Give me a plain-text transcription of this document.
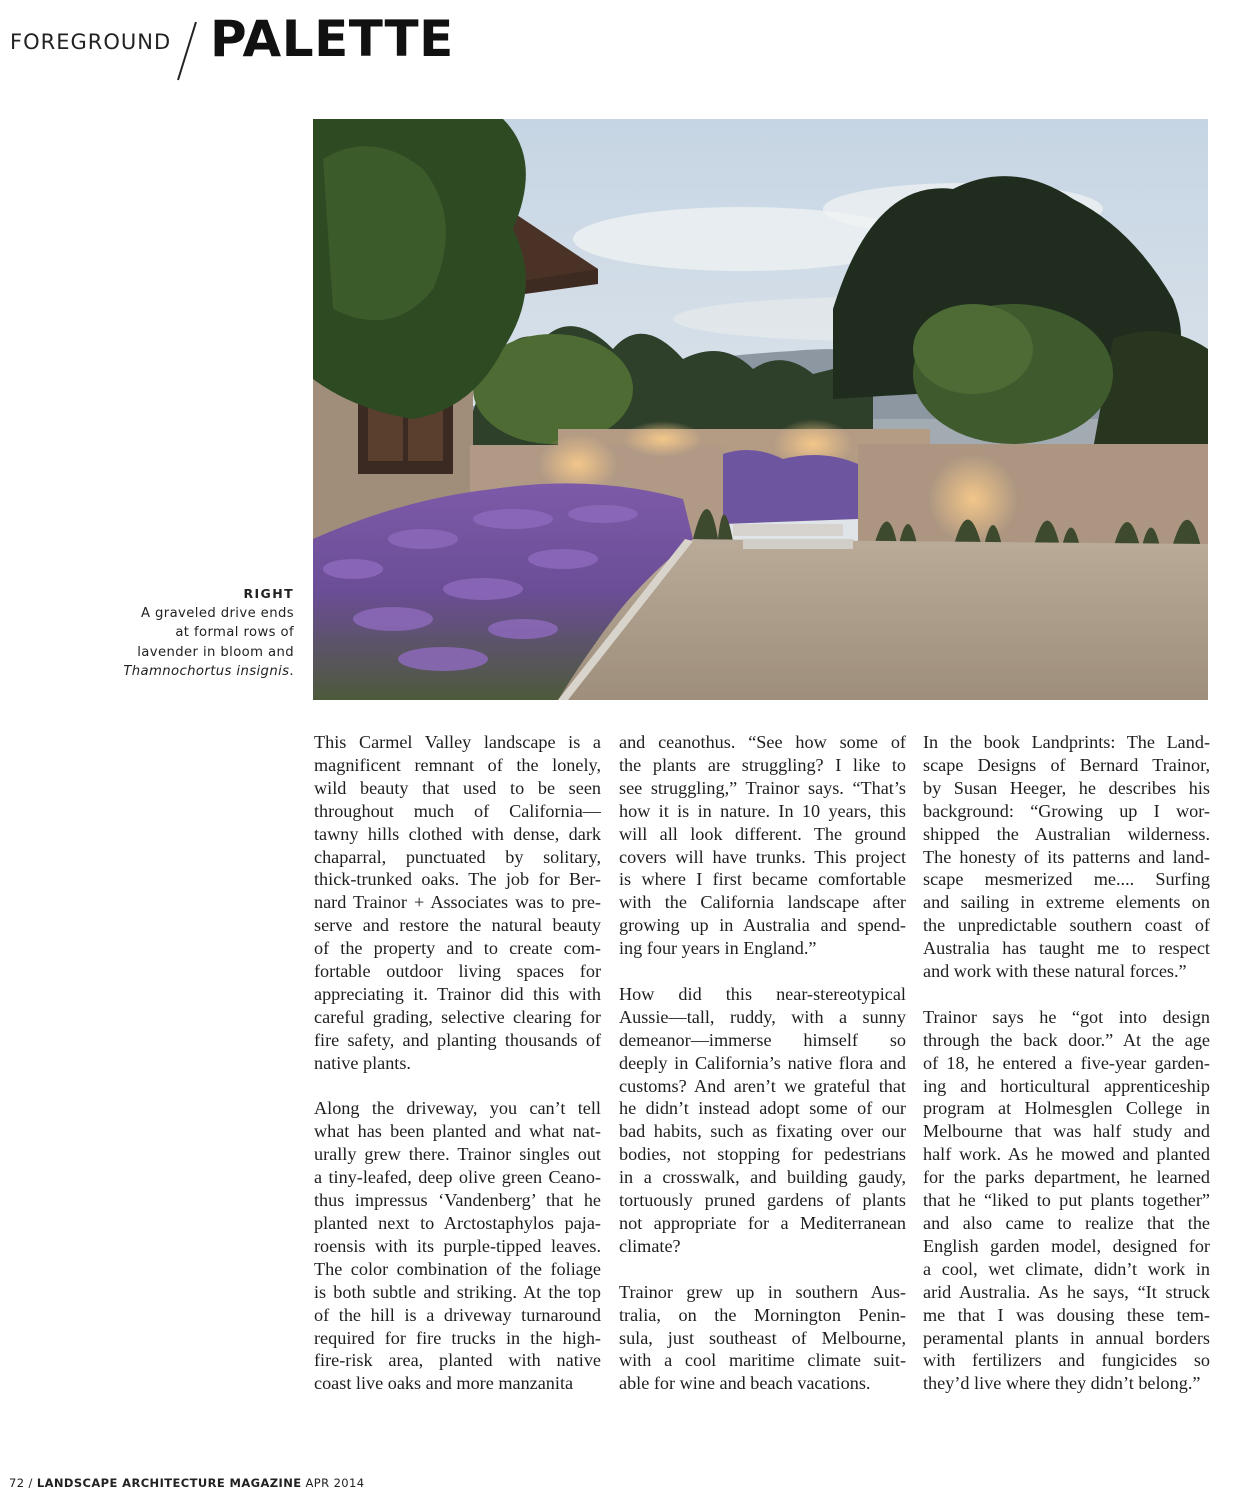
FOREGROUND PALETTE
RIGHT
A graveled drive ends
at formal rows of
lavender in bloom and
Thamnochortus insignis.

This Carmel Valley landscape is a
magnificent remnant of the lonely,
wild beauty that used to be seen
throughout much of California—
tawny hills clothed with dense, dark
chaparral, punctuated by solitary,
thick-trunked oaks. The job for Ber-
nard Trainor + Associates was to pre-
serve and restore the natural beauty
of the property and to create com-
fortable outdoor living spaces for
appreciating it. Trainor did this with
careful grading, selective clearing for
fire safety, and planting thousands of
native plants.

Along the driveway, you can’t tell
what has been planted and what nat-
urally grew there. Trainor singles out
a tiny-leafed, deep olive green Ceano-
thus impressus ‘Vandenberg’ that he
planted next to Arctostaphylos paja-
roensis with its purple-tipped leaves.
The color combination of the foliage
is both subtle and striking. At the top
of the hill is a driveway turnaround
required for fire trucks in the high-
fire-risk area, planted with native
coast live oaks and more manzanita

and ceanothus. “See how some of
the plants are struggling? I like to
see struggling,” Trainor says. “That’s
how it is in nature. In 10 years, this
will all look different. The ground
covers will have trunks. This project
is where I first became comfortable
with the California landscape after
growing up in Australia and spend-
ing four years in England.”

How did this near-stereotypical
Aussie—tall, ruddy, with a sunny
demeanor—immerse himself so
deeply in California’s native flora and
customs? And aren’t we grateful that
he didn’t instead adopt some of our
bad habits, such as fixating over our
bodies, not stopping for pedestrians
in a crosswalk, and building gaudy,
tortuously pruned gardens of plants
not appropriate for a Mediterranean
climate?

Trainor grew up in southern Aus-
tralia, on the Mornington Penin-
sula, just southeast of Melbourne,
with a cool maritime climate suit-
able for wine and beach vacations.

In the book Landprints: The Land-
scape Designs of Bernard Trainor,
by Susan Heeger, he describes his
background: “Growing up I wor-
shipped the Australian wilderness.
The honesty of its patterns and land-
scape mesmerized me.... Surfing
and sailing in extreme elements on
the unpredictable southern coast of
Australia has taught me to respect
and work with these natural forces.”

Trainor says he “got into design
through the back door.” At the age
of 18, he entered a five-year garden-
ing and horticultural apprenticeship
program at Holmesglen College in
Melbourne that was half study and
half work. As he mowed and planted
for the parks department, he learned
that he “liked to put plants together”
and also came to realize that the
English garden model, designed for
a cool, wet climate, didn’t work in
arid Australia. As he says, “It struck
me that I was dousing these tem-
peramental plants in annual borders
with fertilizers and fungicides so
they’d live where they didn’t belong.”

72 / LANDSCAPE ARCHITECTURE MAGAZINE APR 2014
